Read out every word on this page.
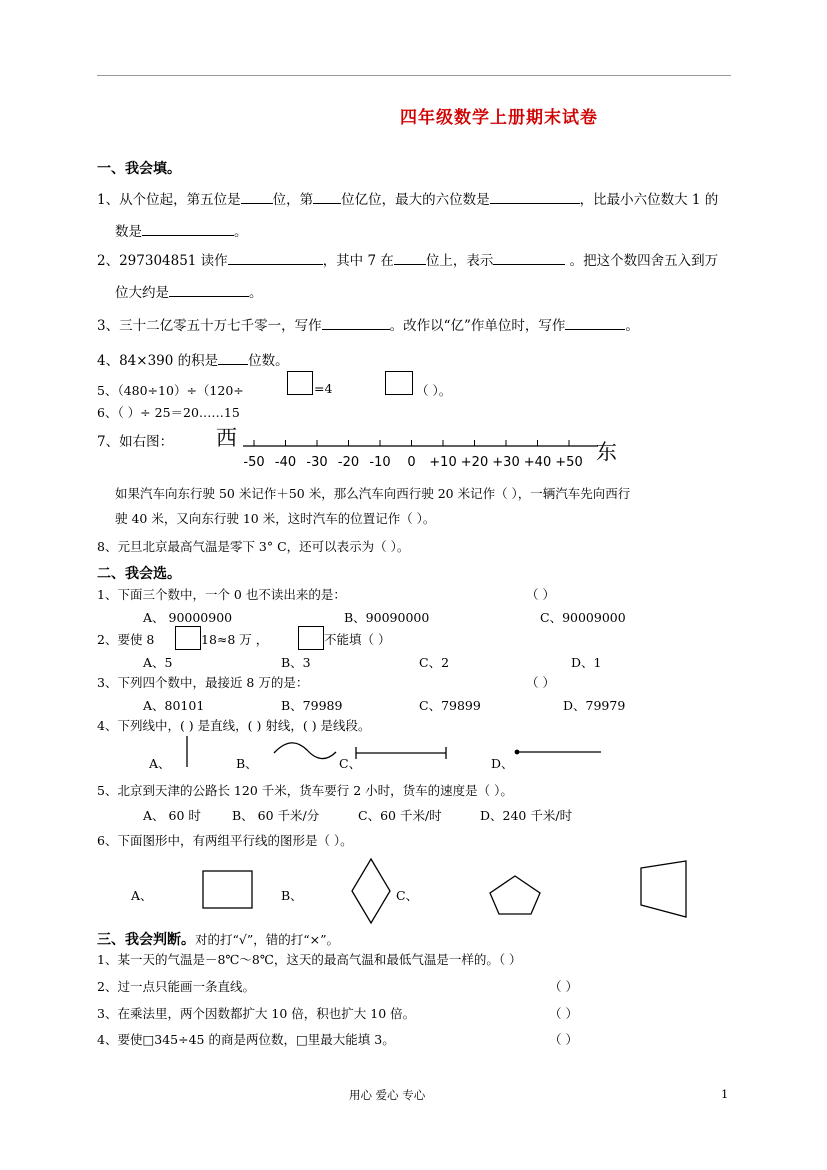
四年级数学上册期末试卷
一、我会填。
1、从个位起，第五位是 位，第 位亿位，最大的六位数是	，比最小六位数大 1 的
数是	。
2、297304851 读作	，其中 7 在 位上，表示	。把这个数四舍五入到万
位大约是	。
3、三十二亿零五十万七千零一，写作	。改作以“亿”作单位时，写作	。
4、84×390 的积是 位数。
5、（480÷10）÷（120÷	=4	（ ）。
6、（ ）÷ 25＝20……15
7、如右图： 西
东
-50 -40 -30 -20 -10 0 +10 +20 +30 +40 +50
如果汽车向东行驶 50 米记作＋50 米，那么汽车向西行驶 20 米记作（ ），一辆汽车先向西行
驶 40 米，又向东行驶 10 米，这时汽车的位置记作（ ）。
8、元旦北京最高气温是零下 3° C，还可以表示为（ ）。
二、我会选。
1、下面三个数中，一个 0 也不读出来的是：	（ ）
A、 90000900	B、90090000	C、90009000
2、要使 8	18≈8 万 ，	不能填（ ）
A、5	B、3	C、2	D、1
3、下列四个数中，最接近 8 万的是：	（ ）
A、80101	B、79989	C、79899	D、79979
4、下列线中，( ) 是直线，( ) 射线，( ) 是线段。
A、	B、	C、	D、
5、北京到天津的公路长 120 千米，货车要行 2 小时，货车的速度是（ ）。
6、下面图形中，有两组平行线的图形是（ ）。
A、	B、	C、
三、我会判断。对的打“√”，错的打“×”。
1、某一天的气温是－8℃～8℃，这天的最高气温和最低气温是一样的。（ ）
2、过一点只能画一条直线。	（ ）
3、在乘法里，两个因数都扩大 10 倍，积也扩大 10 倍。	（ ）
4、要使□345÷45 的商是两位数，□里最大能填 3。	（ ）
用心 爱心 专心	1
A、 60 时 B、 60 千米/分	C、60 千米/时	D、240 千米/时
